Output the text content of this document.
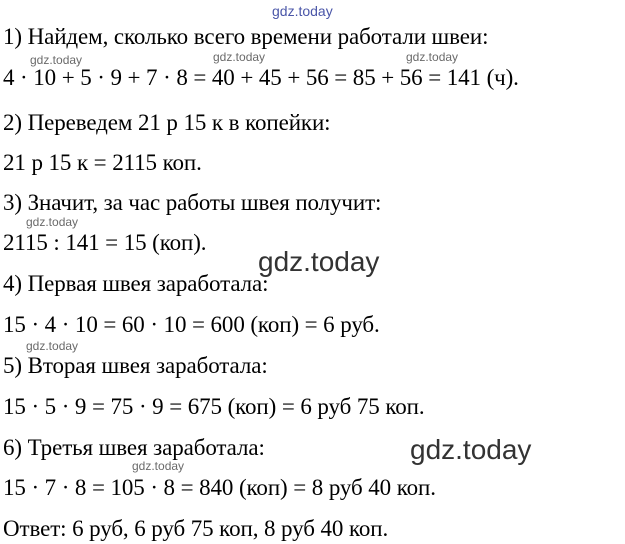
gdz.today
1) Найдем, сколько всего времени работали швеи:
gdz.today	gdz.today	gdz.today
4 · 10 + 5 · 9 + 7 · 8 = 40 + 45 + 56 = 85 + 56 = 141 (ч).
2) Переведем 21 р 15 к в копейки:
21 р 15 к = 2115 коп.
3) Значит, за час работы швея получит:
gdz.today
2115 : 141 = 15 (коп).
gdz.today
4) Первая швея заработала:
15 · 4 · 10 = 60 · 10 = 600 (коп) = 6 руб.
gdz.today
5) Вторая швея заработала:
15 · 5 · 9 = 75 · 9 = 675 (коп) = 6 руб 75 коп.
6) Третья швея заработала:	gdz.today
gdz.today
15 · 7 · 8 = 105 · 8 = 840 (коп) = 8 руб 40 коп.
Ответ: 6 руб, 6 руб 75 коп, 8 руб 40 коп.
